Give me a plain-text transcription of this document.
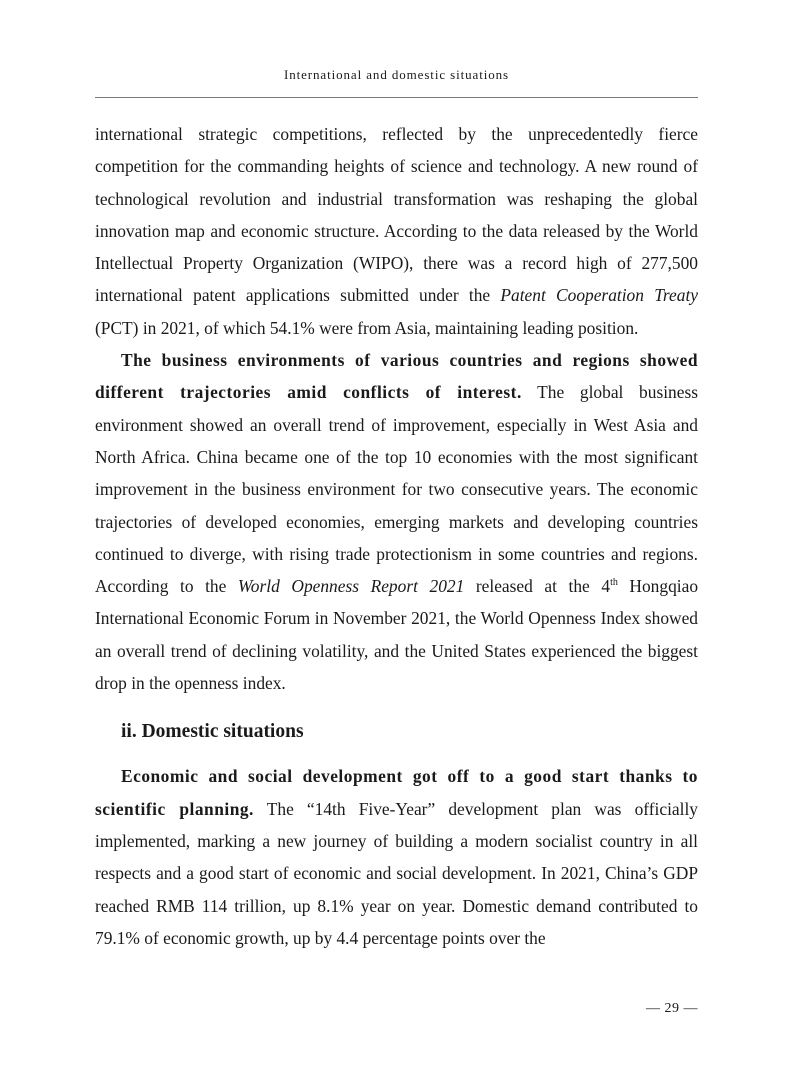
International and domestic situations

international strategic competitions, reflected by the unprecedentedly fierce competition for the commanding heights of science and technology. A new round of technological revolution and industrial transformation was reshaping the global innovation map and economic structure. According to the data released by the World Intellectual Property Organization (WIPO), there was a record high of 277,500 international patent applications submitted under the Patent Cooperation Treaty (PCT) in 2021, of which 54.1% were from Asia, maintaining leading position.

The business environments of various countries and regions showed different trajectories amid conflicts of interest. The global business environment showed an overall trend of improvement, especially in West Asia and North Africa. China became one of the top 10 economies with the most significant improvement in the business environment for two consecutive years. The economic trajectories of developed economies, emerging markets and developing countries continued to diverge, with rising trade protectionism in some countries and regions. According to the World Openness Report 2021 released at the 4th Hongqiao International Economic Forum in November 2021, the World Openness Index showed an overall trend of declining volatility, and the United States experienced the biggest drop in the openness index.

ii. Domestic situations

Economic and social development got off to a good start thanks to scientific planning. The “14th Five-Year” development plan was officially implemented, marking a new journey of building a modern socialist country in all respects and a good start of economic and social development. In 2021, China’s GDP reached RMB 114 trillion, up 8.1% year on year. Domestic demand contributed to 79.1% of economic growth, up by 4.4 percentage points over the

— 29 —
